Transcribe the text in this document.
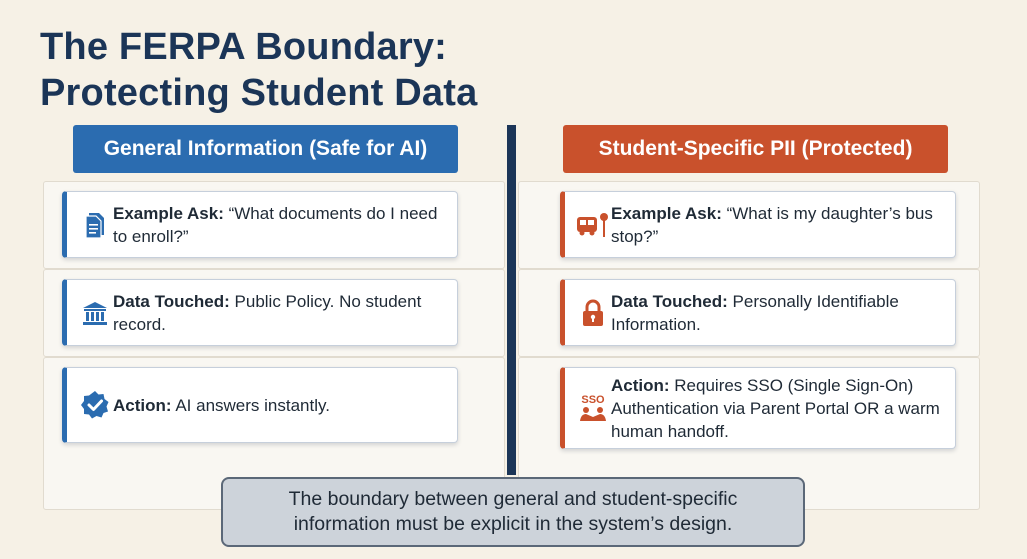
The FERPA Boundary:
Protecting Student Data
General Information (Safe for AI)	Student-Specific PII (Protected)
Example Ask: “What documents do I need to enroll?”
Data Touched: Public Policy. No student record.
Action: AI answers instantly.
Example Ask: “What is my daughter’s bus stop?”
Data Touched: Personally Identifiable Information.
SSO
Action: Requires SSO (Single Sign-On) Authentication via Parent Portal OR a warm human handoff.
The boundary between general and student-specific information must be explicit in the system’s design.
